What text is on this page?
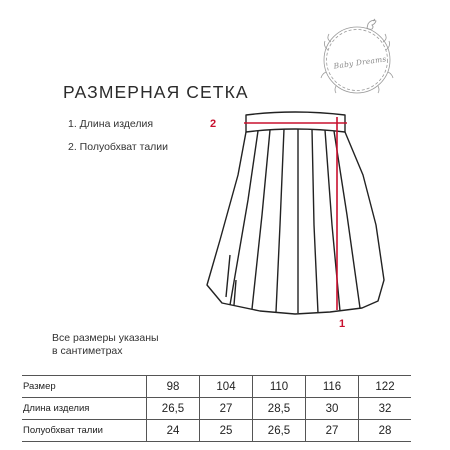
Baby Dreams
РАЗМЕРНАЯ СЕТКА
1. Длина изделия
2. Полуобхват талии
2
1
Все размеры указаны в сантиметрах
Размер	98	104	110	116	122
Длина изделия	26,5	27	28,5	30	32
Полуобхват талии	24	25	26,5	27	28
